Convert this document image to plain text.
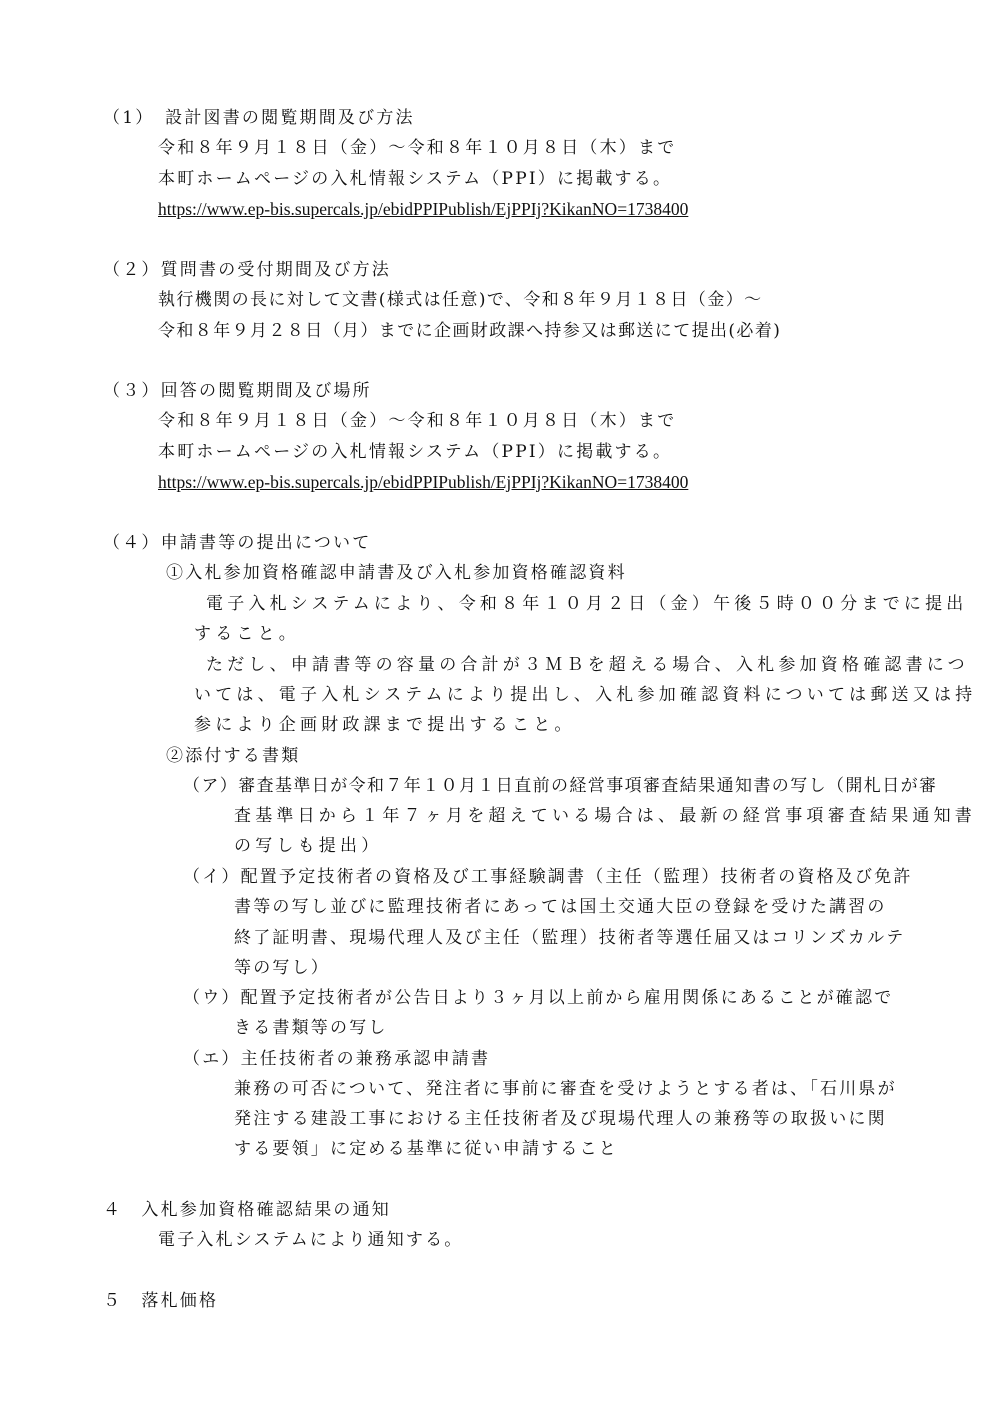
（1）　設計図書の閲覧期間及び方法
令和８年９月１８日（金）～令和８年１０月８日（木）まで
本町ホームページの入札情報システム（PPI）に掲載する。
https://www.ep-bis.supercals.jp/ebidPPIPublish/EjPPIj?KikanNO=1738400
（２）質問書の受付期間及び方法
執行機関の長に対して文書(様式は任意)で、令和８年９月１８日（金）～
令和８年９月２８日（月）までに企画財政課へ持参又は郵送にて提出(必着)
（３）回答の閲覧期間及び場所
令和８年９月１８日（金）～令和８年１０月８日（木）まで
本町ホームページの入札情報システム（PPI）に掲載する。
https://www.ep-bis.supercals.jp/ebidPPIPublish/EjPPIj?KikanNO=1738400
（４）申請書等の提出について
①入札参加資格確認申請書及び入札参加資格確認資料
電子入札システムにより、令和８年１０月２日（金）午後５時００分までに提出
すること。
ただし、申請書等の容量の合計が３ＭＢを超える場合、入札参加資格確認書につ
いては、電子入札システムにより提出し、入札参加確認資料については郵送又は持
参により企画財政課まで提出すること。
②添付する書類
（ア）審査基準日が令和７年１０月１日直前の経営事項審査結果通知書の写し（開札日が審
査基準日から１年７ヶ月を超えている場合は、最新の経営事項審査結果通知書
の写しも提出）
（イ）配置予定技術者の資格及び工事経験調書（主任（監理）技術者の資格及び免許
書等の写し並びに監理技術者にあっては国土交通大臣の登録を受けた講習の
終了証明書、現場代理人及び主任（監理）技術者等選任届又はコリンズカルテ
等の写し）
（ウ）配置予定技術者が公告日より３ヶ月以上前から雇用関係にあることが確認で
きる書類等の写し
（エ）主任技術者の兼務承認申請書
兼務の可否について、発注者に事前に審査を受けようとする者は、「石川県が
発注する建設工事における主任技術者及び現場代理人の兼務等の取扱いに関
する要領」に定める基準に従い申請すること
４　入札参加資格確認結果の通知
電子入札システムにより通知する。
５　落札価格
